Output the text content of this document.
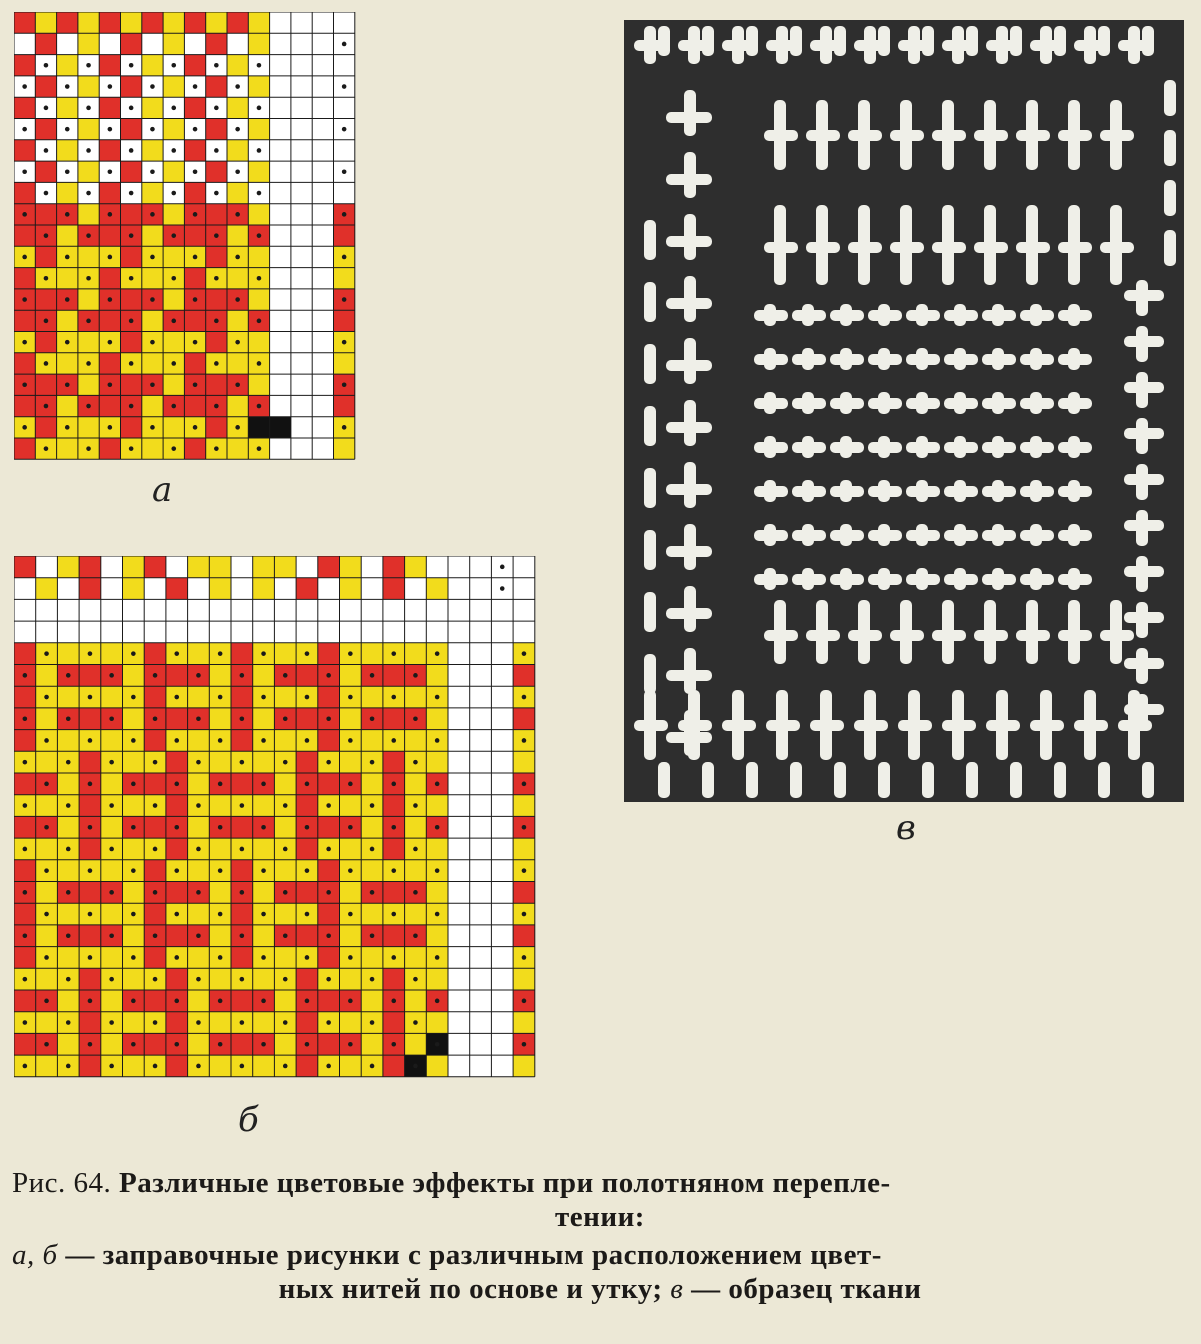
а
б
в
Рис. 64. Различные цветовые эффекты при полотняном перепле-
тении:
а, б — заправочные рисунки с различным расположением цвет-
ных нитей по основе и утку; в — образец ткани
